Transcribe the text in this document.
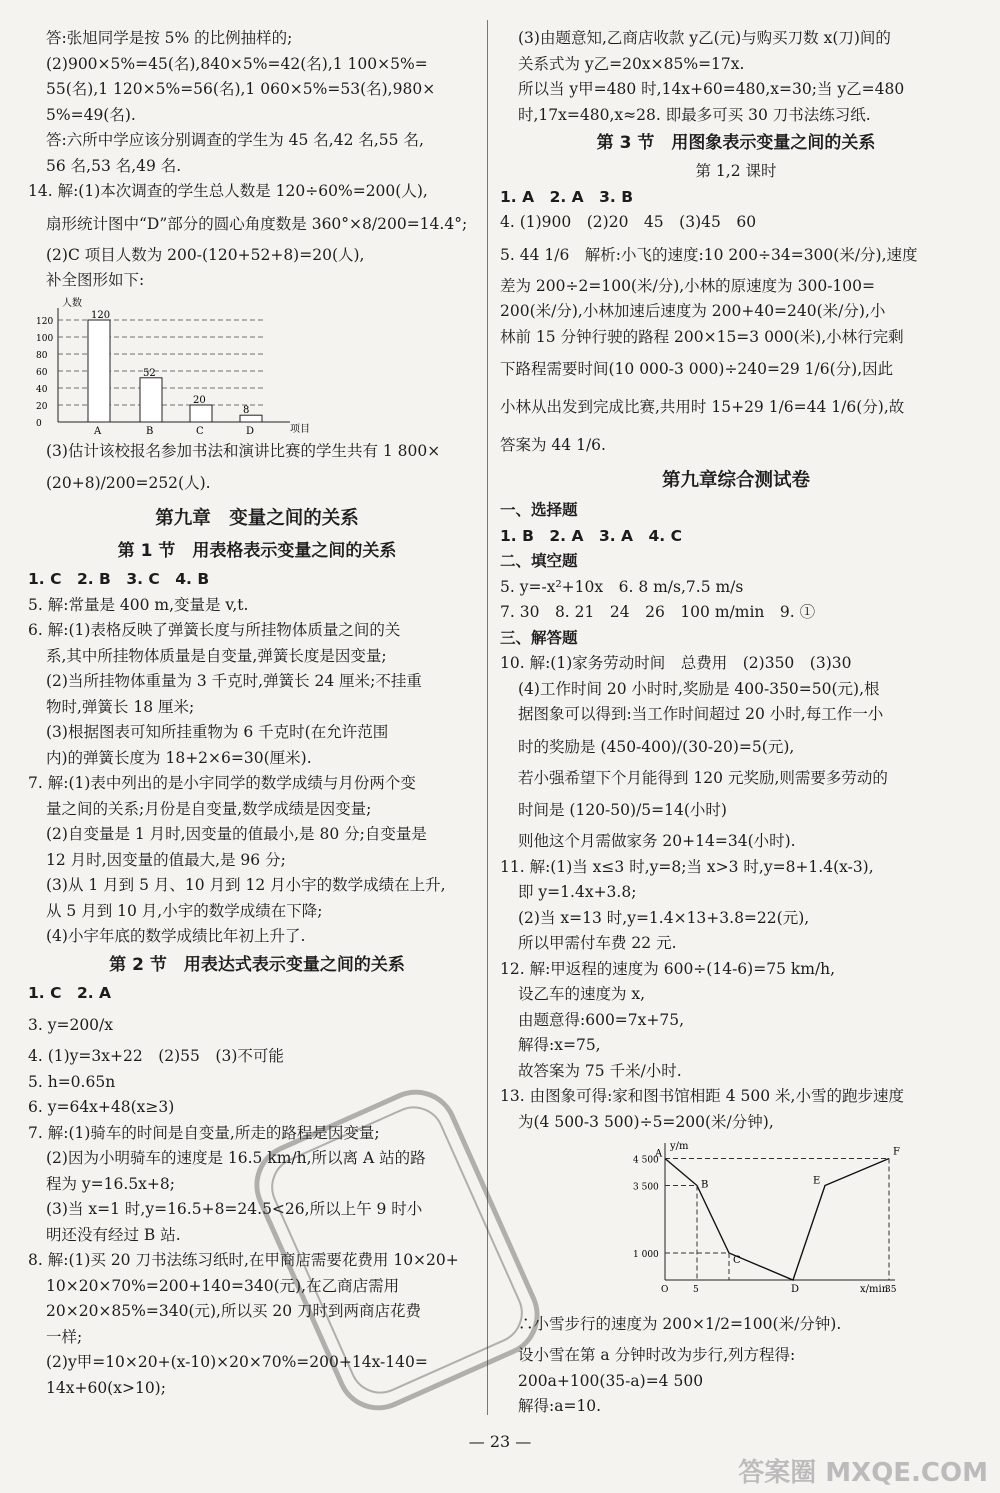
答:张旭同学是按 5% 的比例抽样的;
(2)900×5%=45(名),840×5%=42(名),1 100×5%=
55(名),1 120×5%=56(名),1 060×5%=53(名),980×
5%=49(名).
答:六所中学应该分别调查的学生为 45 名,42 名,55 名,
56 名,53 名,49 名.
14. 解:(1)本次调查的学生总人数是 120÷60%=200(人),
扇形统计图中“D”部分的圆心角度数是 360°×8/200=14.4°;
(2)C 项目人数为 200-(120+52+8)=20(人),
补全图形如下:
人数
项目
0
20
40
60
80
100
120
120
A
52
B
20
C
8
D
(3)估计该校报名参加书法和演讲比赛的学生共有 1 800×
(20+8)/200=252(人).
第九章　变量之间的关系
第 1 节　用表格表示变量之间的关系
1. C　2. B　3. C　4. B
5. 解:常量是 400 m,变量是 v,t.
6. 解:(1)表格反映了弹簧长度与所挂物体质量之间的关
系,其中所挂物体质量是自变量,弹簧长度是因变量;
(2)当所挂物体重量为 3 千克时,弹簧长 24 厘米;不挂重
物时,弹簧长 18 厘米;
(3)根据图表可知所挂重物为 6 千克时(在允许范围
内)的弹簧长度为 18+2×6=30(厘米).
7. 解:(1)表中列出的是小宇同学的数学成绩与月份两个变
量之间的关系;月份是自变量,数学成绩是因变量;
(2)自变量是 1 月时,因变量的值最小,是 80 分;自变量是
12 月时,因变量的值最大,是 96 分;
(3)从 1 月到 5 月、10 月到 12 月小宇的数学成绩在上升,
从 5 月到 10 月,小宇的数学成绩在下降;
(4)小宇年底的数学成绩比年初上升了.
第 2 节　用表达式表示变量之间的关系
1. C　2. A
3. y=200/x
4. (1)y=3x+22　(2)55　(3)不可能
5. h=0.65n
6. y=64x+48(x≥3)
7. 解:(1)骑车的时间是自变量,所走的路程是因变量;
(2)因为小明骑车的速度是 16.5 km/h,所以离 A 站的路
程为 y=16.5x+8;
(3)当 x=1 时,y=16.5+8=24.5<26,所以上午 9 时小
明还没有经过 B 站.
8. 解:(1)买 20 刀书法练习纸时,在甲商店需要花费用 10×20+
10×20×70%=200+140=340(元),在乙商店需用
20×20×85%=340(元),所以买 20 刀时到两商店花费
一样;
(2)y甲=10×20+(x-10)×20×70%=200+14x-140=
14x+60(x>10);
(3)由题意知,乙商店收款 y乙(元)与购买刀数 x(刀)间的
关系式为 y乙=20x×85%=17x.
所以当 y甲=480 时,14x+60=480,x=30;当 y乙=480
时,17x=480,x≈28. 即最多可买 30 刀书法练习纸.
第 3 节　用图象表示变量之间的关系
第 1,2 课时
1. A　2. A　3. B
4. (1)900　(2)20　45　(3)45　60
5. 44 1/6　解析:小飞的速度:10 200÷34=300(米/分),速度
差为 200÷2=100(米/分),小林的原速度为 300-100=
200(米/分),小林加速后速度为 200+40=240(米/分),小
林前 15 分钟行驶的路程 200×15=3 000(米),小林行完剩
下路程需要时间(10 000-3 000)÷240=29 1/6(分),因此
小林从出发到完成比赛,共用时 15+29 1/6=44 1/6(分),故
答案为 44 1/6.
第九章综合测试卷
一、选择题
1. B　2. A　3. A　4. C
二、填空题
5. y=-x²+10x　6. 8 m/s,7.5 m/s
7. 30　8. 21　24　26　100 m/min　9. ①
三、解答题
10. 解:(1)家务劳动时间　总费用　(2)350　(3)30
(4)工作时间 20 小时时,奖励是 400-350=50(元),根
据图象可以得到:当工作时间超过 20 小时,每工作一小
时的奖励是 (450-400)/(30-20)=5(元),
若小强希望下个月能得到 120 元奖励,则需要多劳动的
时间是 (120-50)/5=14(小时)
则他这个月需做家务 20+14=34(小时).
11. 解:(1)当 x≤3 时,y=8;当 x>3 时,y=8+1.4(x-3),
即 y=1.4x+3.8;
(2)当 x=13 时,y=1.4×13+3.8=22(元),
所以甲需付车费 22 元.
12. 解:甲返程的速度为 600÷(14-6)=75 km/h,
设乙车的速度为 x,
由题意得:600=7x+75,
解得:x=75,
故答案为 75 千米/小时.
13. 由图象可得:家和图书馆相距 4 500 米,小雪的跑步速度
为(4 500-3 500)÷5=200(米/分钟),
y/m
x/min
4 500
3 500
1 000
O	5	35
A
B
C
D
E
F
∴小雪步行的速度为 200×1/2=100(米/分钟).
设小雪在第 a 分钟时改为步行,列方程得:
200a+100(35-a)=4 500
解得:a=10.
— 23 —
答案圈 MXQE.COM
